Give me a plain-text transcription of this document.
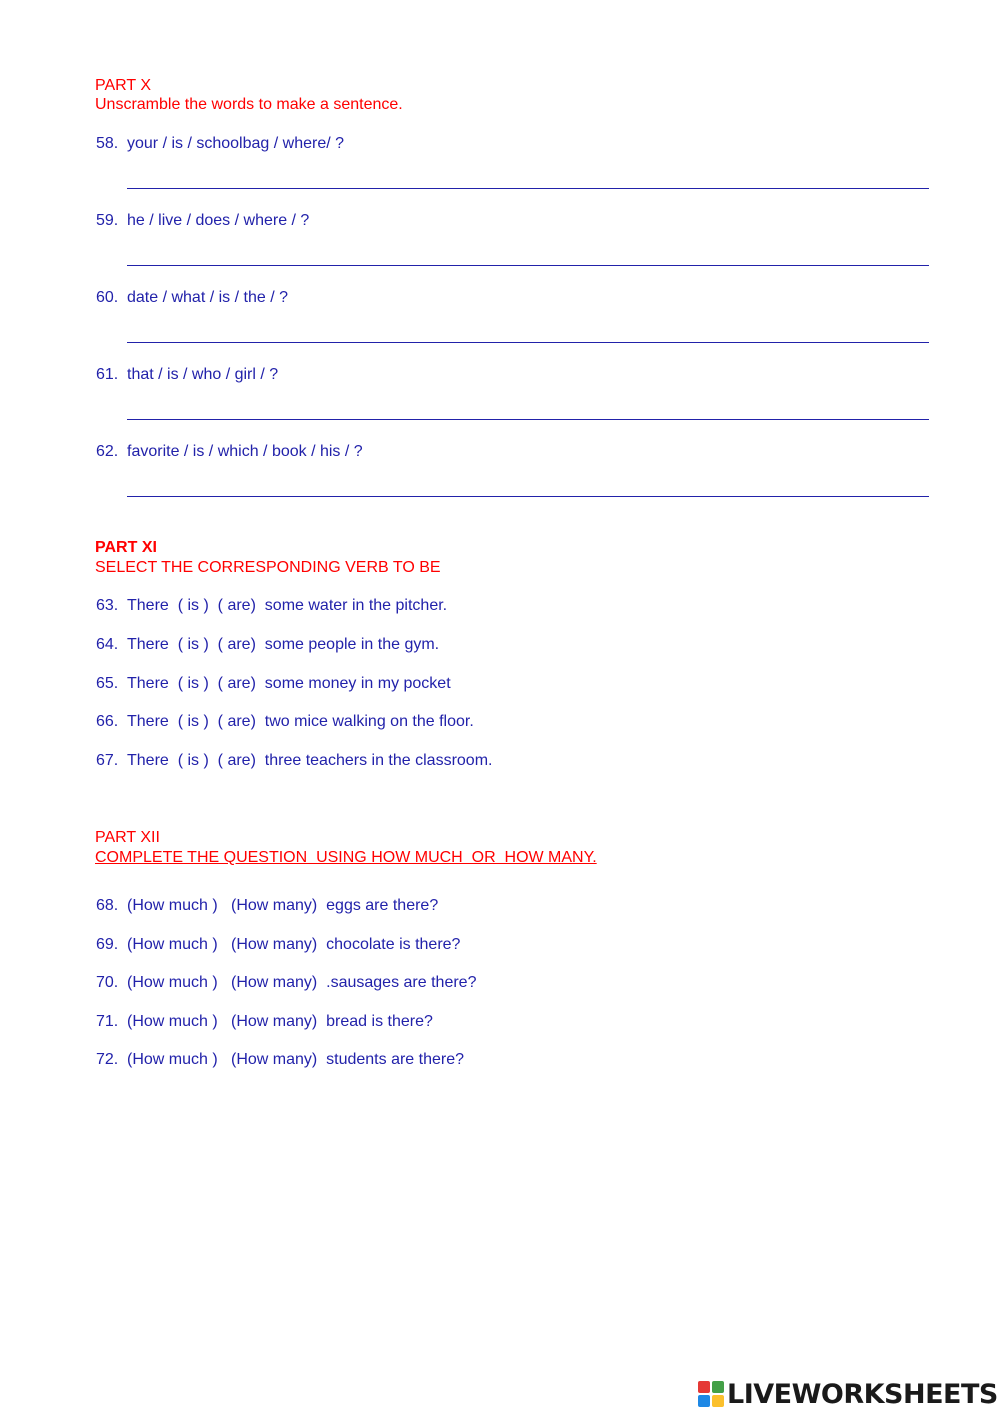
PART X
Unscramble the words to make a sentence.
58. your / is / schoolbag / where/ ?
59. he / live / does / where / ?
60. date / what / is / the / ?
61. that / is / who / girl / ?
62. favorite / is / which / book / his / ?
PART XI
SELECT THE CORRESPONDING VERB TO BE
63. There  ( is )  ( are)  some water in the pitcher.
64. There  ( is )  ( are)  some people in the gym.
65. There  ( is )  ( are)  some money in my pocket
66. There  ( is )  ( are)  two mice walking on the floor.
67. There  ( is )  ( are)  three teachers in the classroom.
PART XII
COMPLETE THE QUESTION  USING HOW MUCH  OR  HOW MANY.
68. (How much )   (How many)  eggs are there?
69. (How much )   (How many)  chocolate is there?
70. (How much )   (How many)  .sausages are there?
71. (How much )   (How many)  bread is there?
72. (How much )   (How many)  students are there?
LIVEWORKSHEETS
